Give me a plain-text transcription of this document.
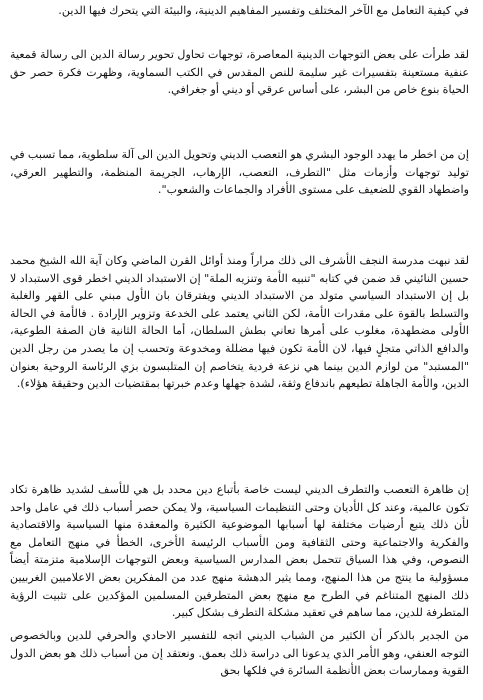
في كيفية التعامل مع الآخر المختلف وتفسير المفاهيم الدينية، والبيئة التي يتحرك فيها الدين.

لقد طرأت على بعض التوجهات الدينية المعاصرة، توجهات تحاول تحوير رسالة الدين الى رسالة قمعية عنفية مستعينة بتفسيرات غير سليمة للنص المقدس في الكتب السماوية، وظهرت فكرة حصر حق الحياة بنوع خاص من البشر، على أساس عرقي أو ديني أو جغرافي.

إن من اخطر ما يهدد الوجود البشري هو التعصب الديني وتحويل الدين الى آلة سلطوية، مما تسبب في توليد توجهات وأزمات مثل "التطرف، التعصب، الإرهاب، الجريمة المنظمة، والتطهير العرقي، واضطهاد القوي للضعيف على مستوى الأفراد والجماعات والشعوب".

لقد نبهت مدرسة النجف الأشرف الى ذلك مراراً ومنذ أوائل القرن الماضي وكان آية الله الشيخ محمد حسين النائيني قد ضمن في كتابه "تنبيه الأمة وتنزيه الملة" إن الاستبداد الديني اخطر قوى الاستبداد لا بل إن الاستبداد السياسي متولد من الاستبداد الديني ويفترقان بان الأول مبني على القهر والغلبة والتسلط بالقوة على مقدرات الأمة، لكن الثاني يعتمد على الخدعة وتزوير الإرادة . فالأمة في الحالة الأولى مضطهدة، مغلوب على أمرها تعاني بطش السلطان، أما الحالة الثانية فان الصفة الطوعية، والدافع الذاتي متجلٍ فيها، لان الأمة تكون فيها مضللة ومخدوعة وتحسب إن ما يصدر من رجل الدين "المستبد" من لوازم الدين بينما هي نزعة فردية يتخاصم إن المتلبسون بزي الرئاسة الروحية بعنوان الدين، والأمة الجاهلة تطيعهم باندفاع وثقة، لشدة جهلها وعدم خبرتها بمقتضيات الدين وحقيقة هؤلاء).

إن ظاهرة التعصب والتطرف الديني ليست خاصة بأتباع دين محدد بل هي للأسف لشديد ظاهرة تكاد تكون عالمية، وعند كل الأديان وحتى التنظيمات السياسية، ولا يمكن حصر أسباب ذلك في عامل واحد لأن ذلك يتبع أرضيات مختلفة لها أسبابها الموضوعية الكثيرة والمعقدة منها السياسية والاقتصادية والفكرية والاجتماعية وحتى الثقافية ومن الأسباب الرئيسة الأخرى، الخطأ في منهج التعامل مع النصوص، وفي هذا السياق تتحمل بعض المدارس السياسية وبعض التوجهات الإسلامية متزمتة أيضاً مسؤولية ما ينتج من هذا المنهج، ومما يثير الدهشة منهج عدد من المفكرين بعض الاعلاميين الغربيين ذلك المنهج المتناغم في الطرح مع منهج بعض المتطرفين المسلمين المؤكدين على تثبيت الرؤية المتطرفة للدين، مما ساهم في تعقيد مشكلة التطرف بشكل كبير.

من الجدير بالذكر أن الكثير من الشباب الديني اتجه للتفسير الاحادي والحرفي للدين وبالخصوص التوجه العنفي، وهو الأمر الذي يدعونا الى دراسة ذلك بعمق. ونعتقد إن من أسباب ذلك هو بعض الدول القوية وممارسات بعض الأنظمة السائرة في فلكها بحق
